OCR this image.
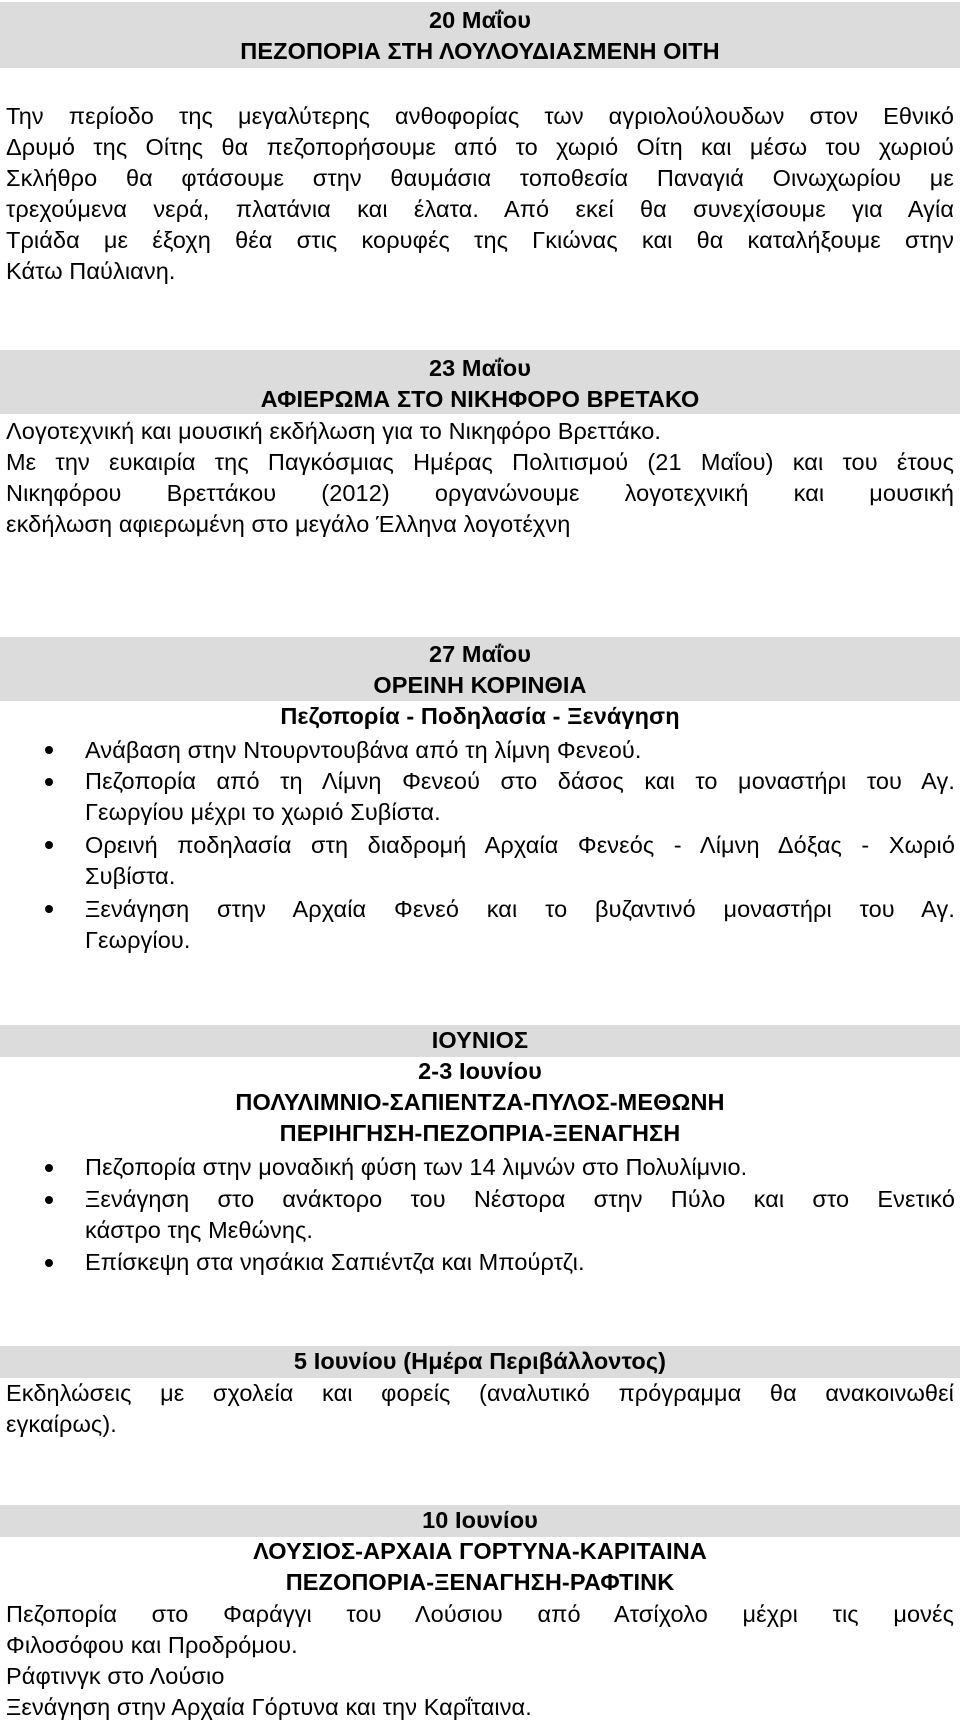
20 Μαΐου
ΠΕΖΟΠΟΡΙΑ ΣΤΗ ΛΟΥΛΟΥΔΙΑΣΜΕΝΗ ΟΙΤΗ
Την περίοδο της μεγαλύτερης ανθοφορίας των αγριολούλουδων στον Εθνικό
Δρυμό της Οίτης θα πεζοπορήσουμε από το χωριό Οίτη και μέσω του χωριού
Σκλήθρο θα φτάσουμε στην θαυμάσια τοποθεσία Παναγιά Οινωχωρίου με
τρεχούμενα νερά, πλατάνια και έλατα. Από εκεί θα συνεχίσουμε για Αγία
Τριάδα με έξοχη θέα στις κορυφές της Γκιώνας και θα καταλήξουμε στην
Κάτω Παύλιανη.
23 Μαΐου
ΑΦΙΕΡΩΜΑ ΣΤΟ ΝΙΚΗΦΟΡΟ ΒΡΕΤΑΚΟ
Λογοτεχνική και μουσική εκδήλωση για το Νικηφόρο Βρεττάκο.
Με την ευκαιρία της Παγκόσμιας Ημέρας Πολιτισμού (21 Μαΐου) και του έτους
Νικηφόρου Βρεττάκου (2012) οργανώνουμε λογοτεχνική και μουσική
εκδήλωση αφιερωμένη στο μεγάλο Έλληνα λογοτέχνη
27 Μαΐου
ΟΡΕΙΝΗ ΚΟΡΙΝΘΙΑ
Πεζοπορία - Ποδηλασία - Ξενάγηση
Ανάβαση στην Ντουρντουβάνα από τη λίμνη Φενεού.
Πεζοπορία από τη Λίμνη Φενεού στο δάσος και το μοναστήρι του Αγ.
Γεωργίου μέχρι το χωριό Συβίστα.
Ορεινή ποδηλασία στη διαδρομή Αρχαία Φενεός - Λίμνη Δόξας - Χωριό
Συβίστα.
Ξενάγηση στην Αρχαία Φενεό και το βυζαντινό μοναστήρι του Αγ.
Γεωργίου.
ΙΟΥΝΙΟΣ
2-3 Ιουνίου
ΠΟΛΥΛΙΜΝΙΟ-ΣΑΠΙΕΝΤΖΑ-ΠΥΛΟΣ-ΜΕΘΩΝΗ
ΠΕΡΙΗΓΗΣΗ-ΠΕΖΟΠΡΙΑ-ΞΕΝΑΓΗΣΗ
Πεζοπορία στην μοναδική φύση των 14 λιμνών στο Πολυλίμνιο.
Ξενάγηση στο ανάκτορο του Νέστορα στην Πύλο και στο Ενετικό
κάστρο της Μεθώνης.
Επίσκεψη στα νησάκια Σαπιέντζα και Μπούρτζι.
5 Ιουνίου (Ημέρα Περιβάλλοντος)
Εκδηλώσεις με σχολεία και φορείς (αναλυτικό πρόγραμμα θα ανακοινωθεί
εγκαίρως).
10 Ιουνίου
ΛΟΥΣΙΟΣ-ΑΡΧΑΙΑ ΓΟΡΤΥΝΑ-ΚΑΡΙΤΑΙΝΑ
ΠΕΖΟΠΟΡΙΑ-ΞΕΝΑΓΗΣΗ-ΡΑΦΤΙΝΚ
Πεζοπορία στο Φαράγγι του Λούσιου από Ατσίχολο μέχρι τις μονές
Φιλοσόφου και Προδρόμου.
Ράφτινγκ στο Λούσιο
Ξενάγηση στην Αρχαία Γόρτυνα και την Καρΐταινα.
